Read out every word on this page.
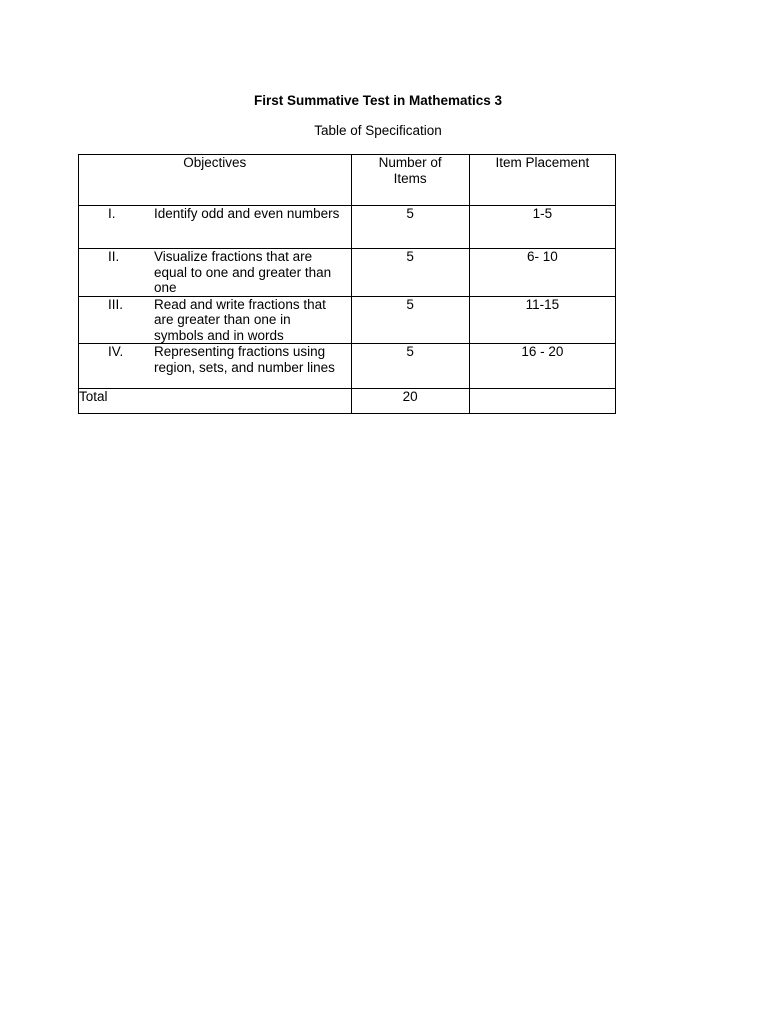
First Summative Test in Mathematics 3
Table of Specification
Objectives	Number of Items	Item Placement

I. Identify odd and even numbers	5	1-5

II. Visualize fractions that are equal to one and greater than one	5	6- 10

III. Read and write fractions that are greater than one in symbols and in words	5	11-15

IV. Representing fractions using region, sets, and number lines	5	16 - 20
Total	20	
